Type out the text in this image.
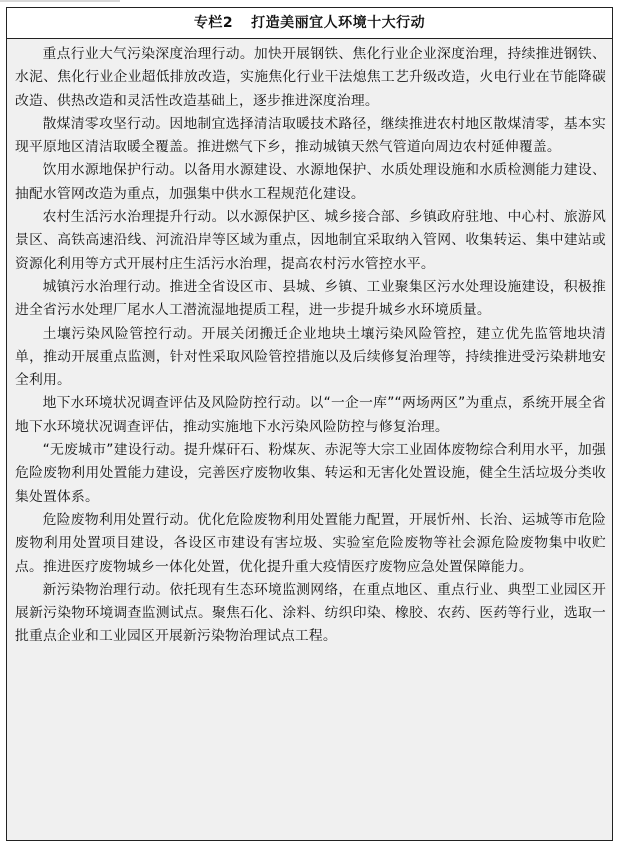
专栏2 打造美丽宜人环境十大行动

重点行业大气污染深度治理行动。加快开展钢铁、焦化行业企业深度治理，持续推进钢铁、水泥、焦化行业企业超低排放改造，实施焦化行业干法熄焦工艺升级改造，火电行业在节能降碳改造、供热改造和灵活性改造基础上，逐步推进深度治理。

散煤清零攻坚行动。因地制宜选择清洁取暖技术路径，继续推进农村地区散煤清零，基本实现平原地区清洁取暖全覆盖。推进燃气下乡，推动城镇天然气管道向周边农村延伸覆盖。

饮用水源地保护行动。以备用水源建设、水源地保护、水质处理设施和水质检测能力建设、抽配水管网改造为重点，加强集中供水工程规范化建设。

农村生活污水治理提升行动。以水源保护区、城乡接合部、乡镇政府驻地、中心村、旅游风景区、高铁高速沿线、河流沿岸等区域为重点，因地制宜采取纳入管网、收集转运、集中建站或资源化利用等方式开展村庄生活污水治理，提高农村污水管控水平。

城镇污水治理行动。推进全省设区市、县城、乡镇、工业聚集区污水处理设施建设，积极推进全省污水处理厂尾水人工潜流湿地提质工程，进一步提升城乡水环境质量。

土壤污染风险管控行动。开展关闭搬迁企业地块土壤污染风险管控，建立优先监管地块清单，推动开展重点监测，针对性采取风险管控措施以及后续修复治理等，持续推进受污染耕地安全利用。

地下水环境状况调查评估及风险防控行动。以“一企一库”“两场两区”为重点，系统开展全省地下水环境状况调查评估，推动实施地下水污染风险防控与修复治理。

“无废城市”建设行动。提升煤矸石、粉煤灰、赤泥等大宗工业固体废物综合利用水平，加强危险废物利用处置能力建设，完善医疗废物收集、转运和无害化处置设施，健全生活垃圾分类收集处置体系。

危险废物利用处置行动。优化危险废物利用处置能力配置，开展忻州、长治、运城等市危险废物利用处置项目建设，各设区市建设有害垃圾、实验室危险废物等社会源危险废物集中收贮点。推进医疗废物城乡一体化处置，优化提升重大疫情医疗废物应急处置保障能力。

新污染物治理行动。依托现有生态环境监测网络，在重点地区、重点行业、典型工业园区开展新污染物环境调查监测试点。聚焦石化、涂料、纺织印染、橡胶、农药、医药等行业，选取一批重点企业和工业园区开展新污染物治理试点工程。
